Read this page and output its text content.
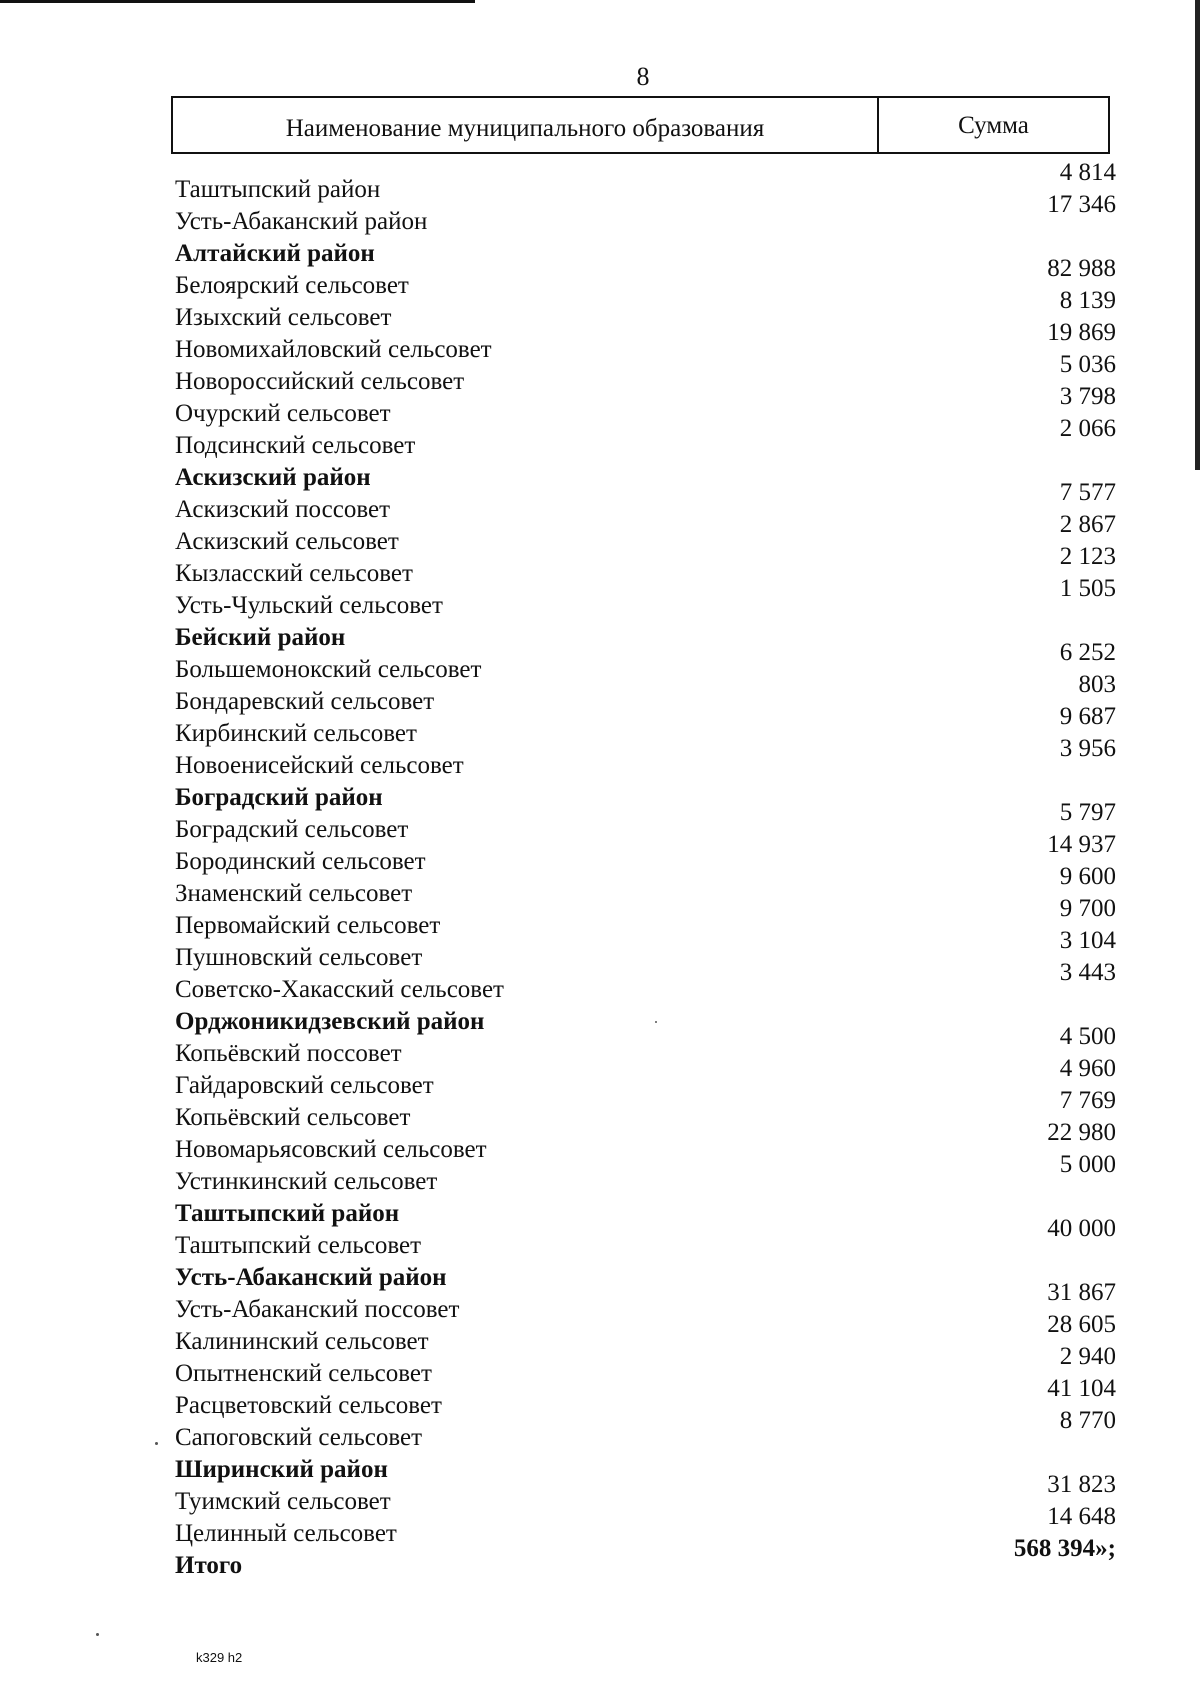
8
Наименование муниципального образования	Сумма
Таштыпский район
4 814
Усть-Абаканский район
17 346
Алтайский район
Белоярский сельсовет
82 988
Изыхский сельсовет
8 139
Новомихайловский сельсовет
19 869
Новороссийский сельсовет
5 036
Очурский сельсовет
3 798
Подсинский сельсовет
2 066
Аскизский район
Аскизский поссовет
7 577
Аскизский сельсовет
2 867
Кызласский сельсовет
2 123
Усть-Чульский сельсовет
1 505
Бейский район
Большемонокский сельсовет
6 252
Бондаревский сельсовет
803
Кирбинский сельсовет
9 687
Новоенисейский сельсовет
3 956
Боградский район
Боградский сельсовет
5 797
Бородинский сельсовет
14 937
Знаменский сельсовет
9 600
Первомайский сельсовет
9 700
Пушновский сельсовет
3 104
Советско-Хакасский сельсовет
3 443
Орджоникидзевский район
Копьёвский поссовет
4 500
Гайдаровский сельсовет
4 960
Копьёвский сельсовет
7 769
Новомарьясовский сельсовет
22 980
Устинкинский сельсовет
5 000
Таштыпский район
Таштыпский сельсовет
40 000
Усть-Абаканский район
Усть-Абаканский поссовет
31 867
Калининский сельсовет
28 605
Опытненский сельсовет
2 940
Расцветовский сельсовет
41 104
Сапоговский сельсовет
8 770
Ширинский район
Туимский сельсовет
31 823
Целинный сельсовет
14 648
Итого
568 394»;
k329 h2
